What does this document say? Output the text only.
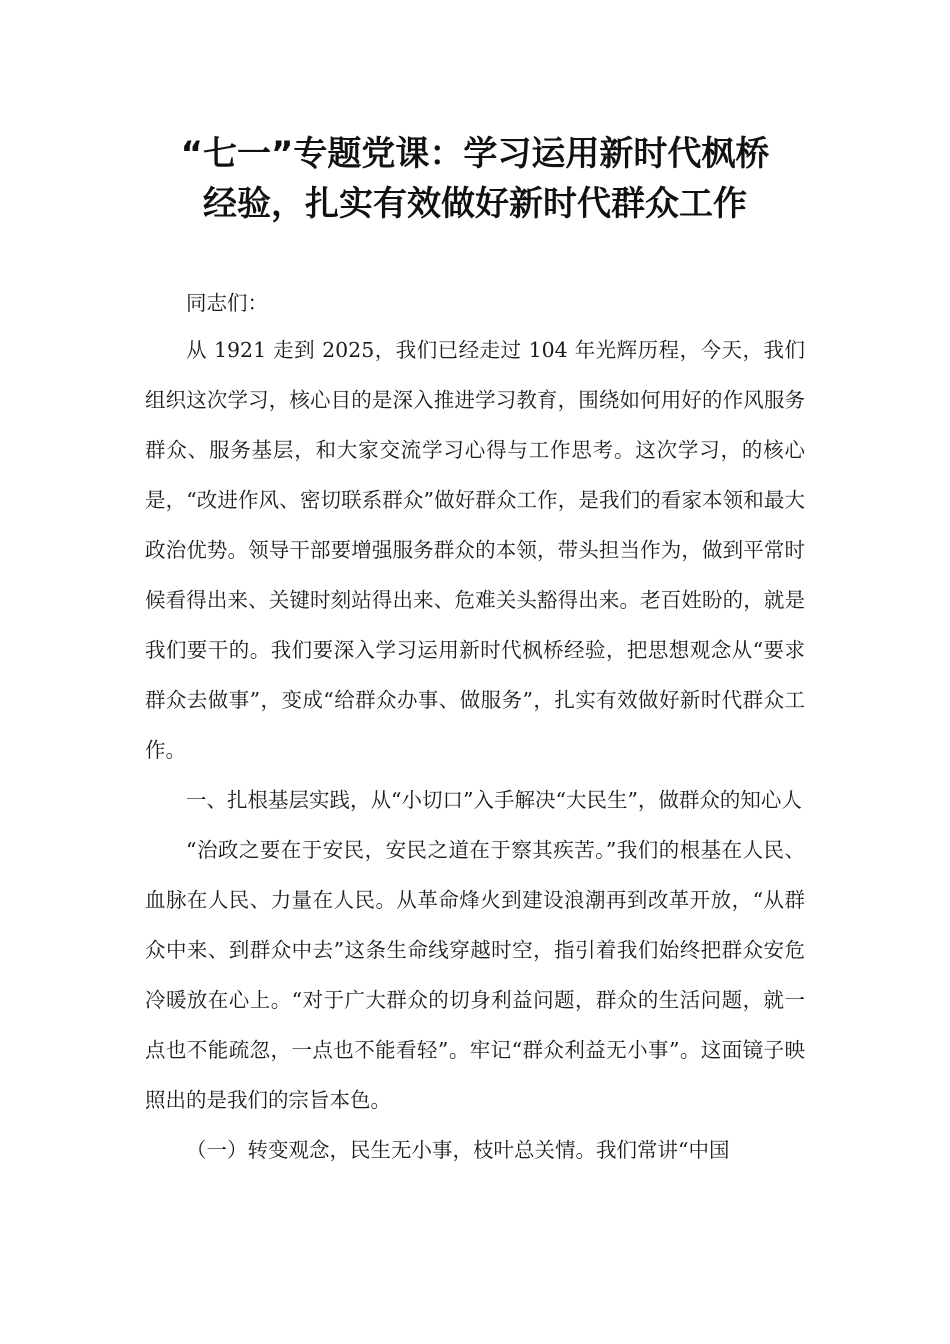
“七一”专题党课：学习运用新时代枫桥
经验，扎实有效做好新时代群众工作

同志们：

从 1921 走到 2025，我们已经走过 104 年光辉历程，今天，我们组织这次学习，核心目的是深入推进学习教育，围绕如何用好的作风服务群众、服务基层，和大家交流学习心得与工作思考。这次学习，的核心是，“改进作风、密切联系群众”做好群众工作，是我们的看家本领和最大政治优势。领导干部要增强服务群众的本领，带头担当作为，做到平常时候看得出来、关键时刻站得出来、危难关头豁得出来。老百姓盼的，就是我们要干的。我们要深入学习运用新时代枫桥经验，把思想观念从“要求群众去做事”，变成“给群众办事、做服务”，扎实有效做好新时代群众工作。

一、扎根基层实践，从“小切口”入手解决“大民生”，做群众的知心人

“治政之要在于安民，安民之道在于察其疾苦。”我们的根基在人民、血脉在人民、力量在人民。从革命烽火到建设浪潮再到改革开放，“从群众中来、到群众中去”这条生命线穿越时空，指引着我们始终把群众安危冷暖放在心上。“对于广大群众的切身利益问题，群众的生活问题，就一点也不能疏忽，一点也不能看轻”。牢记“群众利益无小事”。这面镜子映照出的是我们的宗旨本色。

（一）转变观念，民生无小事，枝叶总关情。我们常讲“中国
